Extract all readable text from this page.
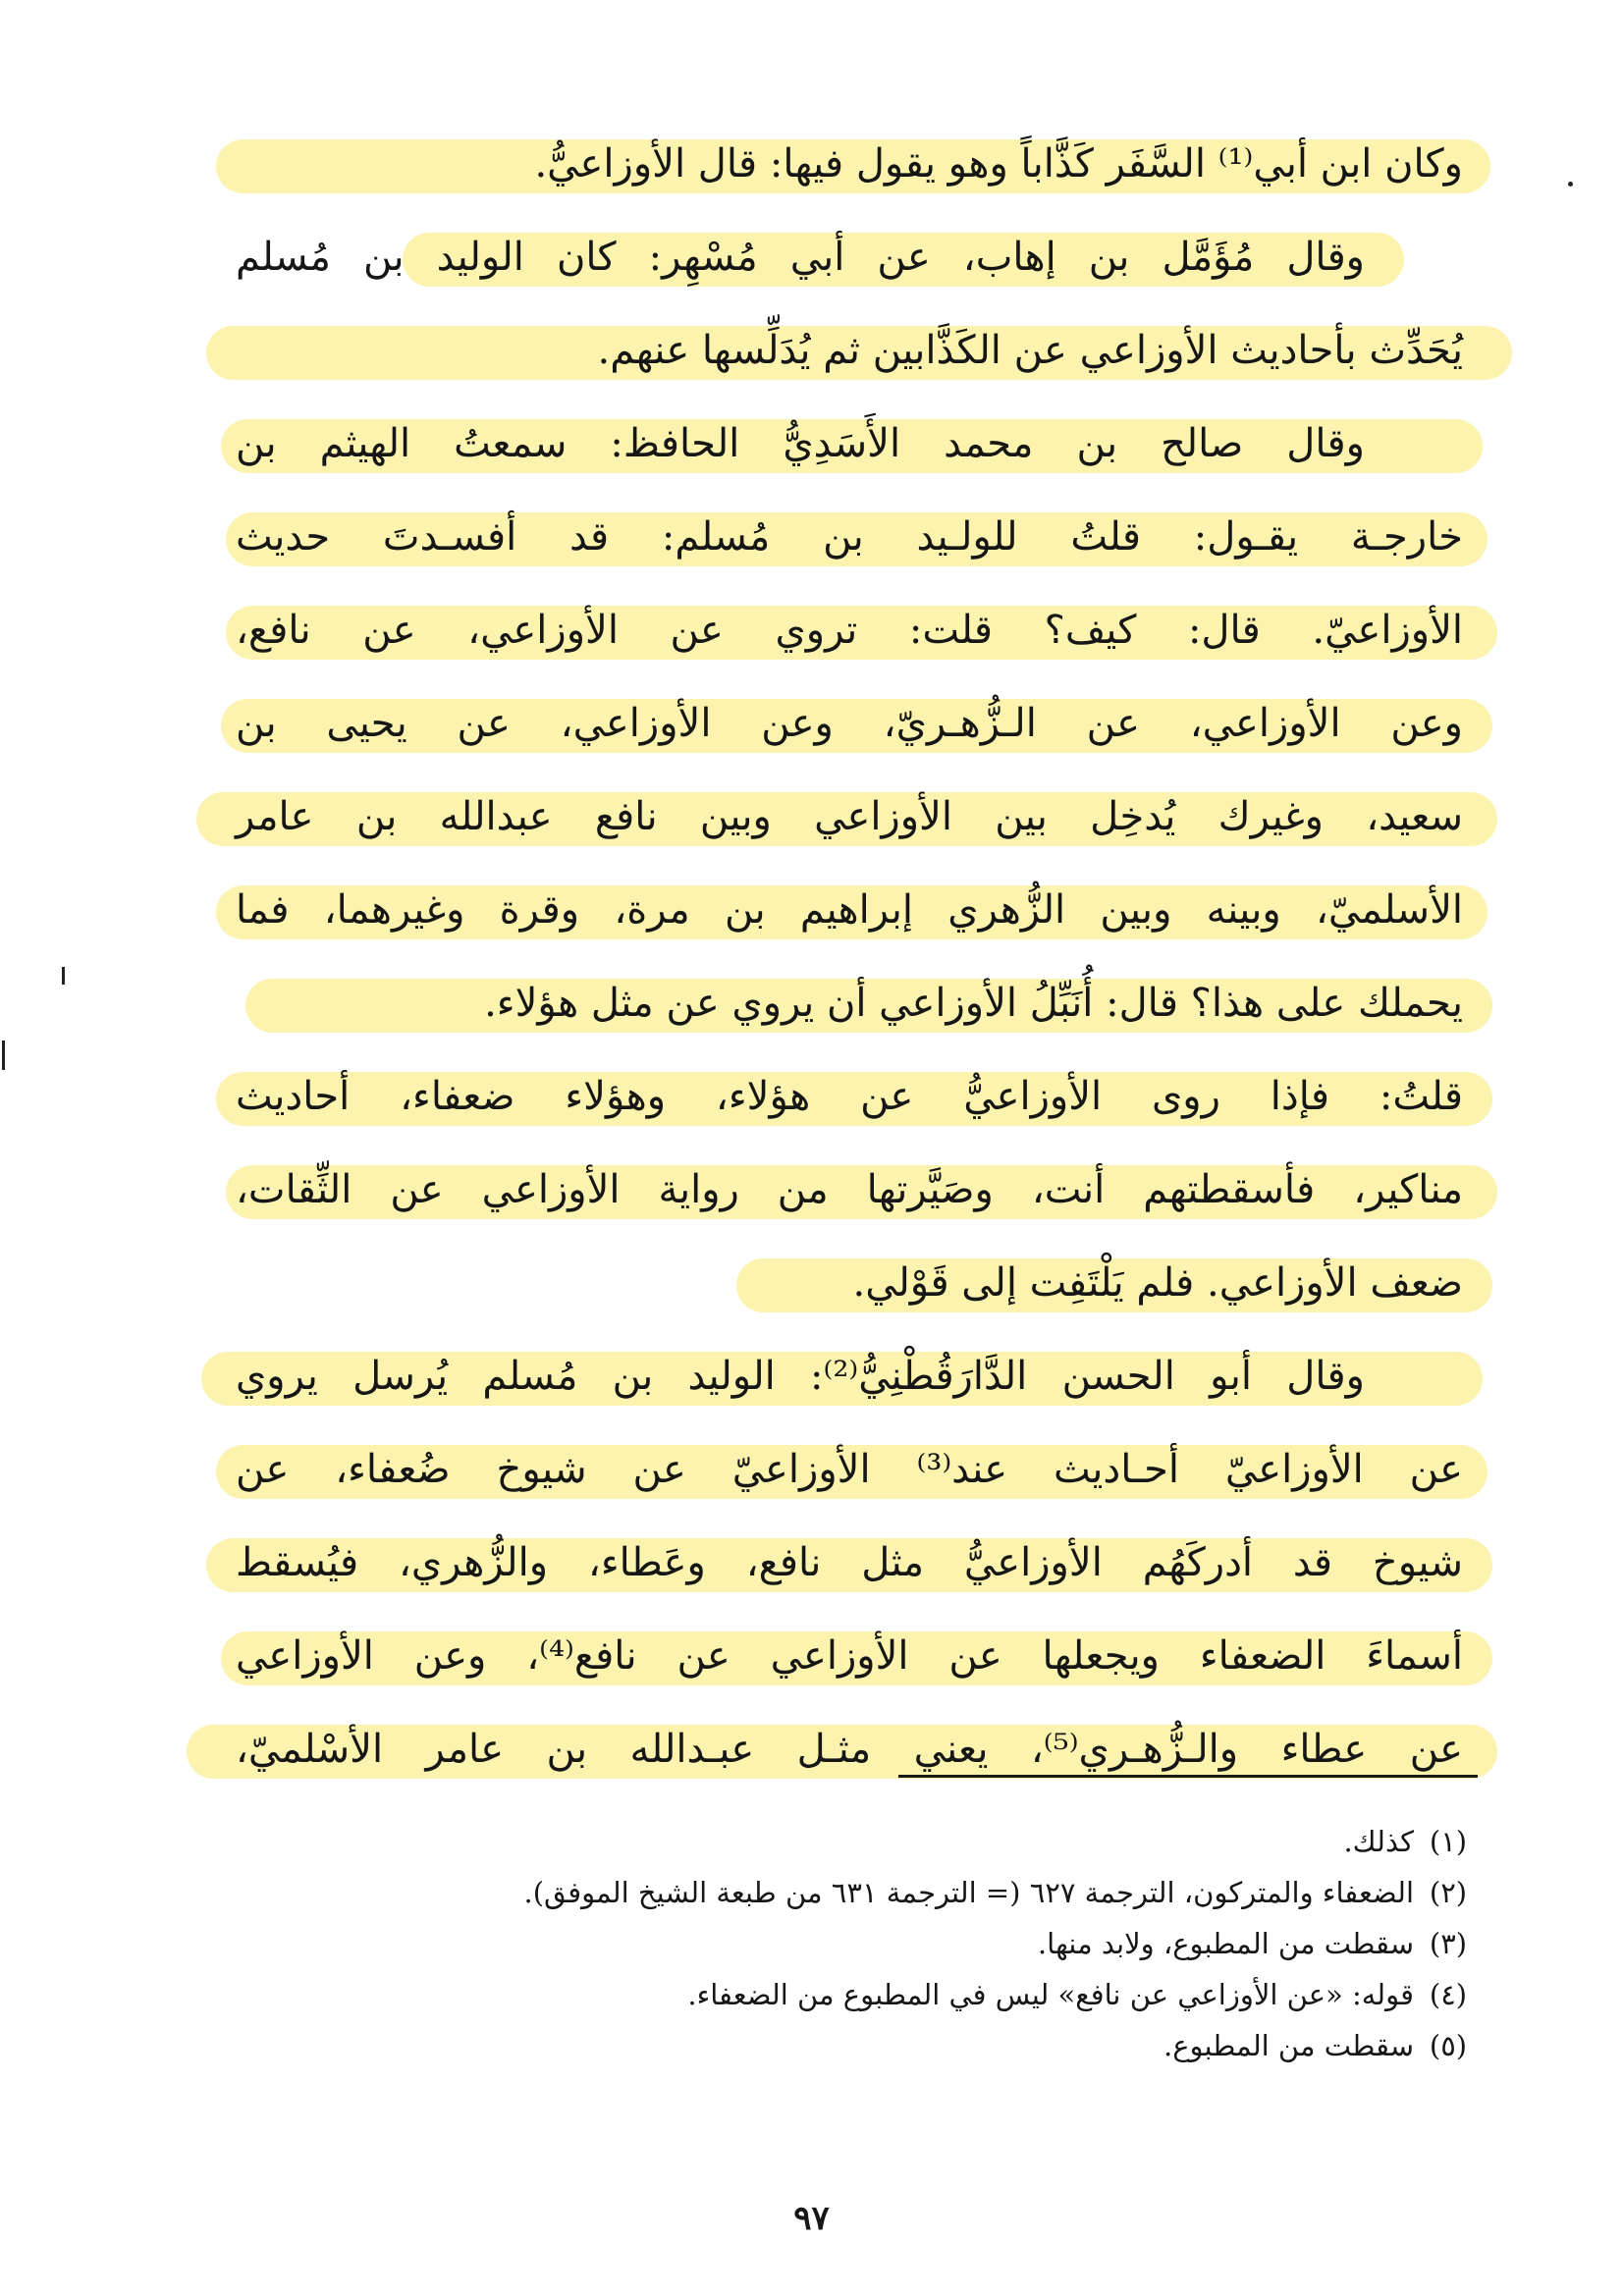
وكان ابن أبي⁽¹⁾ السَّفَر كَذَّاباً وهو يقول فيها: قال الأوزاعيُّ.
وقال مُؤَمَّل بن إهاب، عن أبي مُسْهِر: كان الوليد بن مُسلم
يُحَدِّث بأحاديث الأوزاعي عن الكَذَّابين ثم يُدَلِّسها عنهم.
وقال صالح بن محمد الأَسَدِيُّ الحافظ: سمعتُ الهيثم بن
خارجـة يقـول: قلتُ للولـيد بن مُسلم: قد أفسـدتَ حديث
الأوزاعيّ. قال: كيف؟ قلت: تروي عن الأوزاعي، عن نافع،
وعن الأوزاعي، عن الـزُّهـريّ، وعن الأوزاعي، عن يحيى بن
سعيد، وغيرك يُدخِل بين الأوزاعي وبين نافع عبدالله بن عامر
الأسلميّ، وبينه وبين الزُّهري إبراهيم بن مرة، وقرة وغيرهما، فما
يحملك على هذا؟ قال: أُنَبِّلُ الأوزاعي أن يروي عن مثل هؤلاء.
قلتُ: فإذا روى الأوزاعيُّ عن هؤلاء، وهؤلاء ضعفاء، أحاديث
مناكير، فأسقطتهم أنت، وصَيَّرتها من رواية الأوزاعي عن الثِّقات،
ضعف الأوزاعي. فلم يَلْتَفِت إلى قَوْلي.
وقال أبو الحسن الدَّارَقُطْنِيُّ⁽²⁾: الوليد بن مُسلم يُرسل يروي
عن الأوزاعيّ أحـاديث عند⁽³⁾ الأوزاعيّ عن شيوخ ضُعفاء، عن
شيوخ قد أدركَهُم الأوزاعيُّ مثل نافع، وعَطاء، والزُّهري، فيُسقط
أسماءَ الضعفاء ويجعلها عن الأوزاعي عن نافع⁽⁴⁾، وعن الأوزاعي
عن عطاء والـزُّهـري⁽⁵⁾، يعني مثـل عبـدالله بن عامر الأسْلميّ،
(١)كذلك.
(٢)الضعفاء والمتركون، الترجمة ٦٢٧ (= الترجمة ٦٣١ من طبعة الشيخ الموفق).
(٣)سقطت من المطبوع، ولابد منها.
(٤)قوله: «عن الأوزاعي عن نافع» ليس في المطبوع من الضعفاء.
(٥)سقطت من المطبوع.
٩٧
